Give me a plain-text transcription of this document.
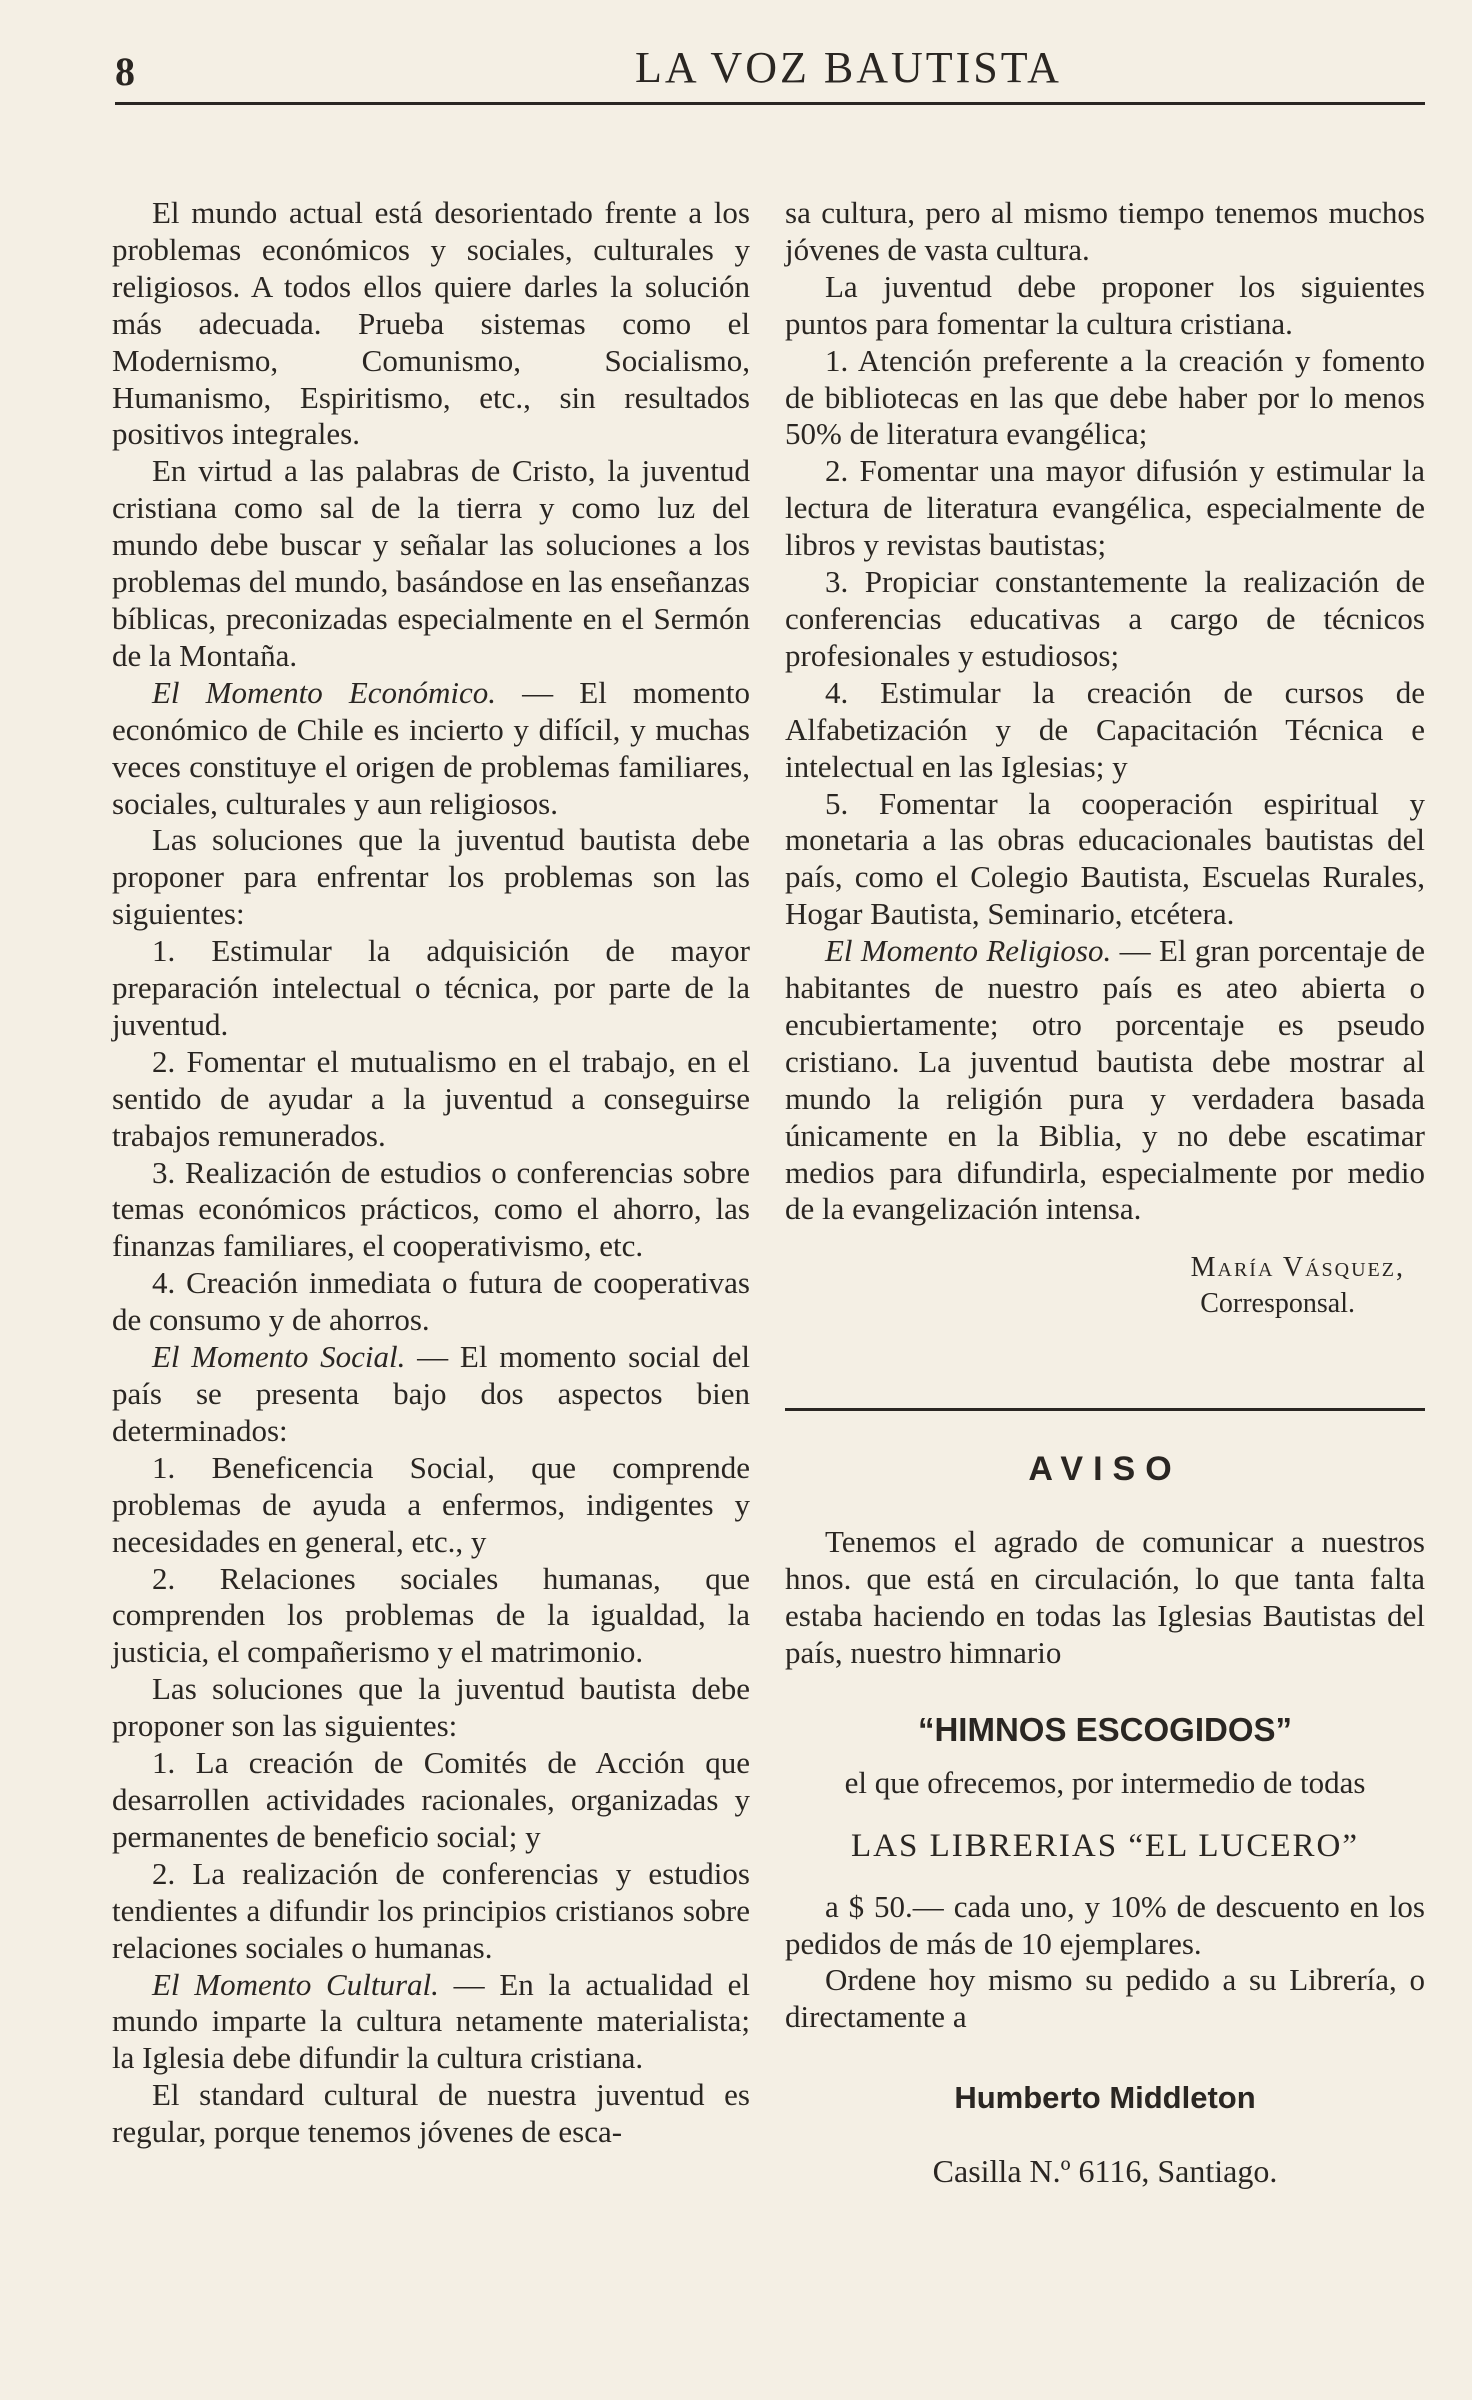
8	LA VOZ BAUTISTA

El mundo actual está desorientado frente a los problemas económicos y sociales, culturales y religiosos. A todos ellos quiere darles la solución más adecuada. Prueba sistemas como el Modernismo, Comunismo, Socialismo, Humanismo, Espiritismo, etc., sin resultados positivos integrales.

En virtud a las palabras de Cristo, la juventud cristiana como sal de la tierra y como luz del mundo debe buscar y señalar las soluciones a los problemas del mundo, basándose en las enseñanzas bíblicas, preconizadas especialmente en el Sermón de la Montaña.

El Momento Económico. — El momento económico de Chile es incierto y difícil, y muchas veces constituye el origen de problemas familiares, sociales, culturales y aun religiosos.

Las soluciones que la juventud bautista debe proponer para enfrentar los problemas son las siguientes:

1. Estimular la adquisición de mayor preparación intelectual o técnica, por parte de la juventud.

2. Fomentar el mutualismo en el trabajo, en el sentido de ayudar a la juventud a conseguirse trabajos remunerados.

3. Realización de estudios o conferencias sobre temas económicos prácticos, como el ahorro, las finanzas familiares, el cooperativismo, etc.

4. Creación inmediata o futura de cooperativas de consumo y de ahorros.

El Momento Social. — El momento social del país se presenta bajo dos aspectos bien determinados:

1. Beneficencia Social, que comprende problemas de ayuda a enfermos, indigentes y necesidades en general, etc., y

2. Relaciones sociales humanas, que comprenden los problemas de la igualdad, la justicia, el compañerismo y el matrimonio.

Las soluciones que la juventud bautista debe proponer son las siguientes:

1. La creación de Comités de Acción que desarrollen actividades racionales, organizadas y permanentes de beneficio social; y

2. La realización de conferencias y estudios tendientes a difundir los principios cristianos sobre relaciones sociales o humanas.

El Momento Cultural. — En la actualidad el mundo imparte la cultura netamente materialista; la Iglesia debe difundir la cultura cristiana.

El standard cultural de nuestra juventud es regular, porque tenemos jóvenes de esca-

sa cultura, pero al mismo tiempo tenemos muchos jóvenes de vasta cultura.

La juventud debe proponer los siguientes puntos para fomentar la cultura cristiana.

1. Atención preferente a la creación y fomento de bibliotecas en las que debe haber por lo menos 50% de literatura evangélica;

2. Fomentar una mayor difusión y estimular la lectura de literatura evangélica, especialmente de libros y revistas bautistas;

3. Propiciar constantemente la realización de conferencias educativas a cargo de técnicos profesionales y estudiosos;

4. Estimular la creación de cursos de Alfabetización y de Capacitación Técnica e intelectual en las Iglesias; y

5. Fomentar la cooperación espiritual y monetaria a las obras educacionales bautistas del país, como el Colegio Bautista, Escuelas Rurales, Hogar Bautista, Seminario, etcétera.

El Momento Religioso. — El gran porcentaje de habitantes de nuestro país es ateo abierta o encubiertamente; otro porcentaje es pseudo cristiano. La juventud bautista debe mostrar al mundo la religión pura y verdadera basada únicamente en la Biblia, y no debe escatimar medios para difundirla, especialmente por medio de la evangelización intensa.

María Vásquez,
Corresponsal.
AVISO

Tenemos el agrado de comunicar a nuestros hnos. que está en circulación, lo que tanta falta estaba haciendo en todas las Iglesias Bautistas del país, nuestro himnario

“HIMNOS ESCOGIDOS”

el que ofrecemos, por intermedio de todas

LAS LIBRERIAS “EL LUCERO”

a $ 50.— cada uno, y 10% de descuento en los pedidos de más de 10 ejemplares.

Ordene hoy mismo su pedido a su Librería, o directamente a

Humberto Middleton
Casilla N.º 6116, Santiago.
